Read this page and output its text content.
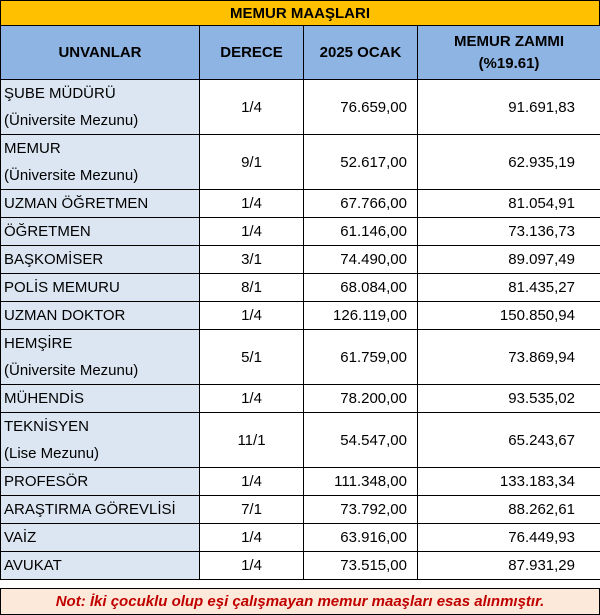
MEMUR MAAŞLARI
UNVANLAR	DERECE	2025 OCAK	MEMUR ZAMMI
(%19.61)
ŞUBE MÜDÜRÜ
(Üniversite Mezunu)	1/4	76.659,00	91.691,83
MEMUR
(Üniversite Mezunu)	9/1	52.617,00	62.935,19
UZMAN ÖĞRETMEN	1/4	67.766,00	81.054,91
ÖĞRETMEN	1/4	61.146,00	73.136,73
BAŞKOMİSER	3/1	74.490,00	89.097,49
POLİS MEMURU	8/1	68.084,00	81.435,27
UZMAN DOKTOR	1/4	126.119,00	150.850,94
HEMŞİRE
(Üniversite Mezunu)	5/1	61.759,00	73.869,94
MÜHENDİS	1/4	78.200,00	93.535,02
TEKNİSYEN
(Lise Mezunu)	11/1	54.547,00	65.243,67
PROFESÖR	1/4	111.348,00	133.183,34
ARAŞTIRMA GÖREVLİSİ	7/1	73.792,00	88.262,61
VAİZ	1/4	63.916,00	76.449,93
AVUKAT	1/4	73.515,00	87.931,29
Not: İki çocuklu olup eşi çalışmayan memur maaşları esas alınmıştır.
